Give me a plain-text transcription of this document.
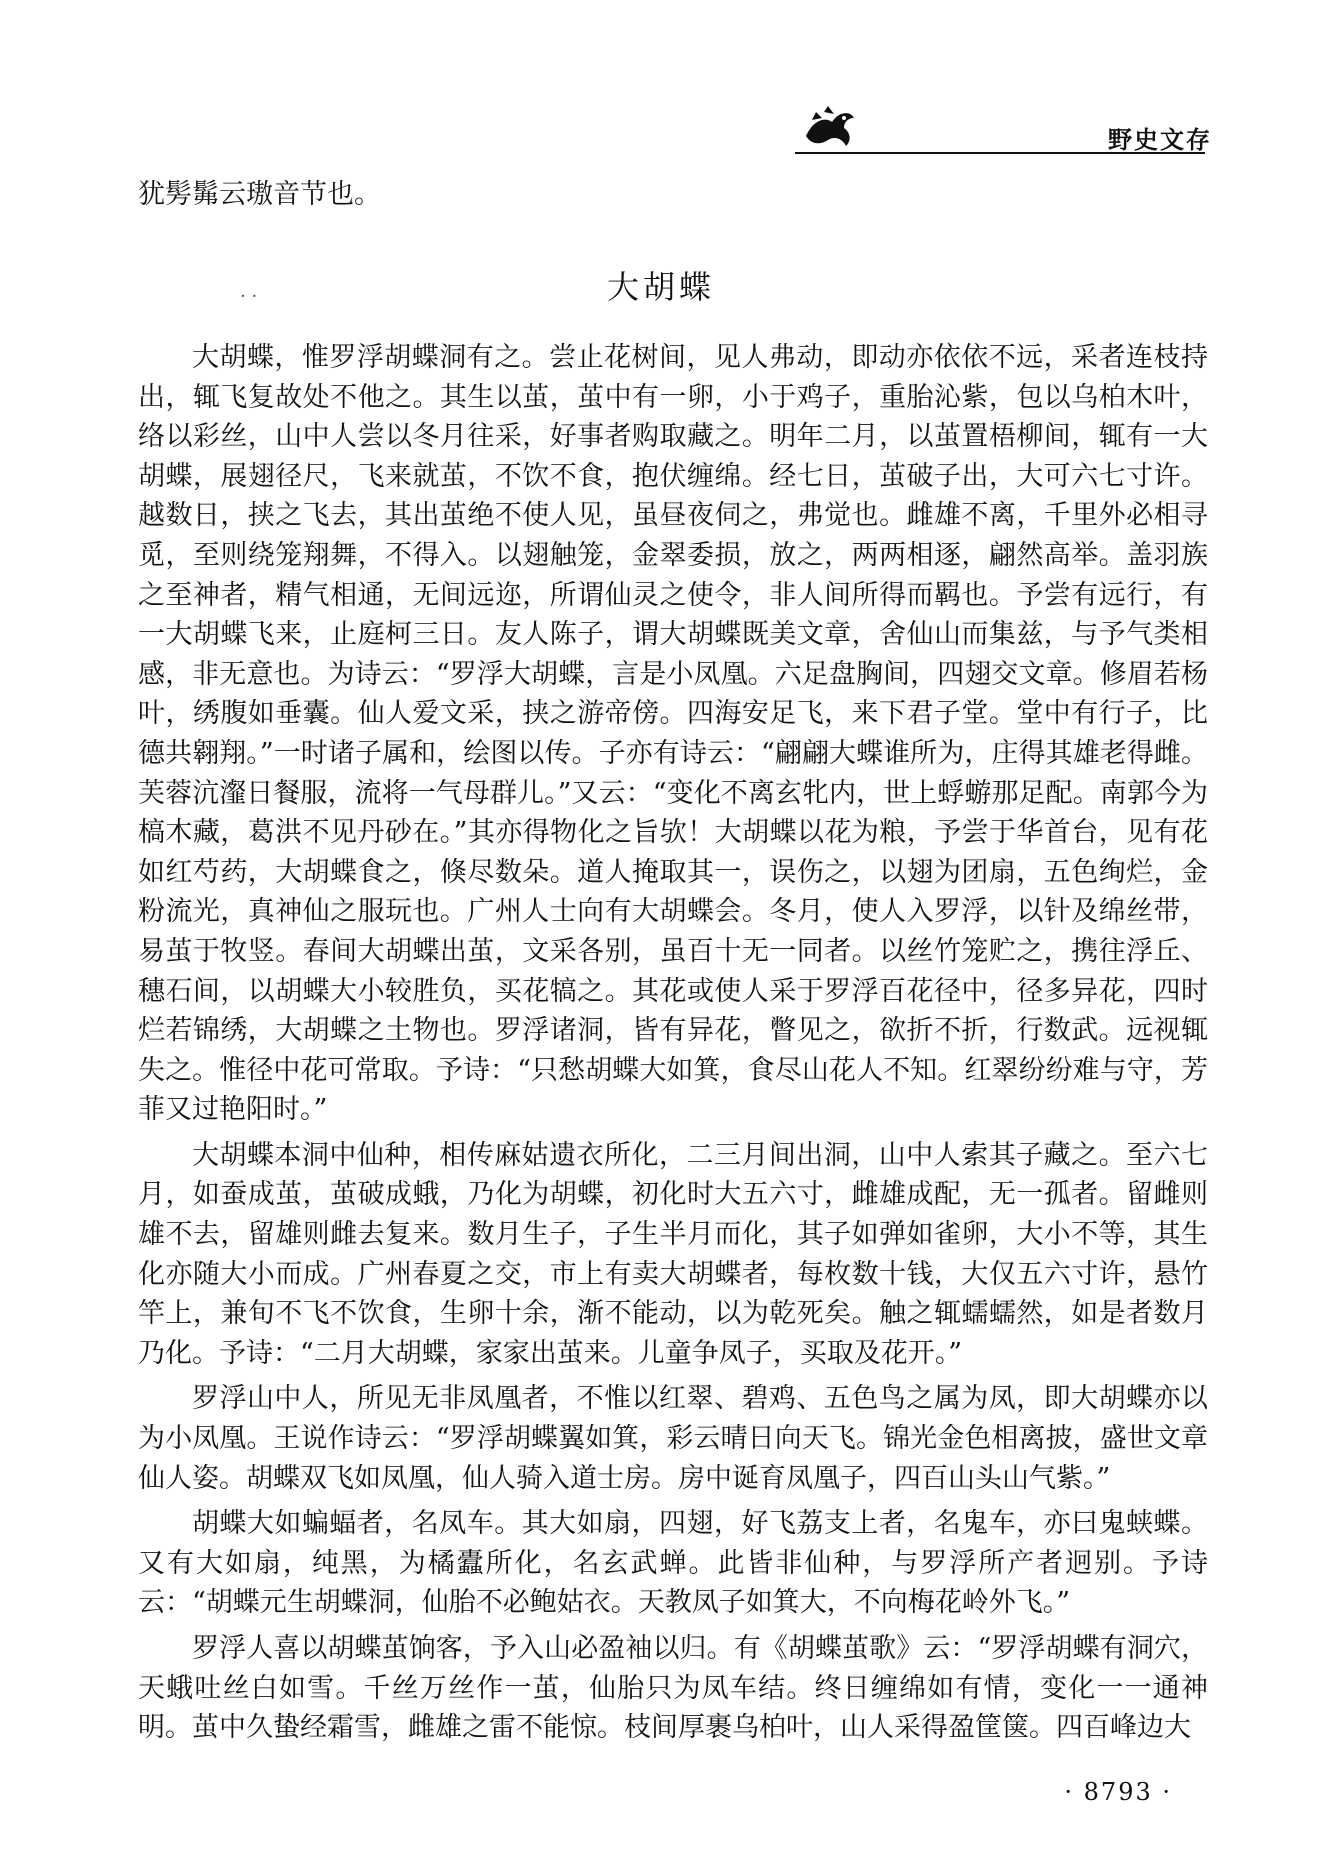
野史文存
犹髣髴云璈音节也。
· ·	大胡蝶

大胡蝶，惟罗浮胡蝶洞有之。尝止花树间，见人弗动，即动亦依依不远，采者连枝持出，辄飞复故处不他之。其生以茧，茧中有一卵，小于鸡子，重胎沁紫，包以乌柏木叶，络以彩丝，山中人尝以冬月往采，好事者购取藏之。明年二月，以茧置梧柳间，辄有一大胡蝶，展翅径尺，飞来就茧，不饮不食，抱伏缠绵。经七日，茧破子出，大可六七寸许。越数日，挟之飞去，其出茧绝不使人见，虽昼夜伺之，弗觉也。雌雄不离，千里外必相寻觅，至则绕笼翔舞，不得入。以翅触笼，金翠委损，放之，两两相逐，翩然高举。盖羽族之至神者，精气相通，无间远迩，所谓仙灵之使令，非人间所得而羁也。予尝有远行，有一大胡蝶飞来，止庭柯三日。友人陈子，谓大胡蝶既美文章，舍仙山而集兹，与予气类相感，非无意也。为诗云：“罗浮大胡蝶，言是小凤凰。六足盘胸间，四翅交文章。修眉若杨叶，绣腹如垂囊。仙人爱文采，挟之游帝傍。四海安足飞，来下君子堂。堂中有行子，比德共翱翔。”一时诸子属和，绘图以传。子亦有诗云：“翩翩大蝶谁所为，庄得其雄老得雌。芙蓉沆瀣日餐服，流将一气母群儿。”又云：“变化不离玄牝内，世上蜉蝣那足配。南郭今为槁木藏，葛洪不见丹砂在。”其亦得物化之旨欤！大胡蝶以花为粮，予尝于华首台，见有花如红芍药，大胡蝶食之，倏尽数朵。道人掩取其一，误伤之，以翅为团扇，五色绚烂，金粉流光，真神仙之服玩也。广州人士向有大胡蝶会。冬月，使人入罗浮，以针及绵丝带，易茧于牧竖。春间大胡蝶出茧，文采各别，虽百十无一同者。以丝竹笼贮之，携往浮丘、穗石间，以胡蝶大小较胜负，买花犒之。其花或使人采于罗浮百花径中，径多异花，四时烂若锦绣，大胡蝶之土物也。罗浮诸洞，皆有异花，瞥见之，欲折不折，行数武。远视辄失之。惟径中花可常取。予诗：“只愁胡蝶大如箕，食尽山花人不知。红翠纷纷难与守，芳菲又过艳阳时。”

大胡蝶本洞中仙种，相传麻姑遗衣所化，二三月间出洞，山中人索其子藏之。至六七月，如蚕成茧，茧破成蛾，乃化为胡蝶，初化时大五六寸，雌雄成配，无一孤者。留雌则雄不去，留雄则雌去复来。数月生子，子生半月而化，其子如弹如雀卵，大小不等，其生化亦随大小而成。广州春夏之交，市上有卖大胡蝶者，每枚数十钱，大仅五六寸许，悬竹竿上，兼旬不飞不饮食，生卵十余，渐不能动，以为乾死矣。触之辄蠕蠕然，如是者数月乃化。予诗：“二月大胡蝶，家家出茧来。儿童争凤子，买取及花开。”

罗浮山中人，所见无非凤凰者，不惟以红翠、碧鸡、五色鸟之属为凤，即大胡蝶亦以为小凤凰。王说作诗云：“罗浮胡蝶翼如箕，彩云晴日向天飞。锦光金色相离披，盛世文章仙人姿。胡蝶双飞如凤凰，仙人骑入道士房。房中诞育凤凰子，四百山头山气紫。”

胡蝶大如蝙蝠者，名凤车。其大如扇，四翅，好飞荔支上者，名鬼车，亦曰鬼蛱蝶。又有大如扇，纯黑，为橘蠹所化，名玄武蝉。此皆非仙种，与罗浮所产者迥别。予诗云：“胡蝶元生胡蝶洞，仙胎不必鲍姑衣。天教凤子如箕大，不向梅花岭外飞。”

罗浮人喜以胡蝶茧饷客，予入山必盈袖以归。有《胡蝶茧歌》云：“罗浮胡蝶有洞穴，天蛾吐丝白如雪。千丝万丝作一茧，仙胎只为凤车结。终日缠绵如有情，变化一一通神明。茧中久蛰经霜雪，雌雄之雷不能惊。枝间厚裹乌柏叶，山人采得盈筐箧。四百峰边大

· 8793 ·
